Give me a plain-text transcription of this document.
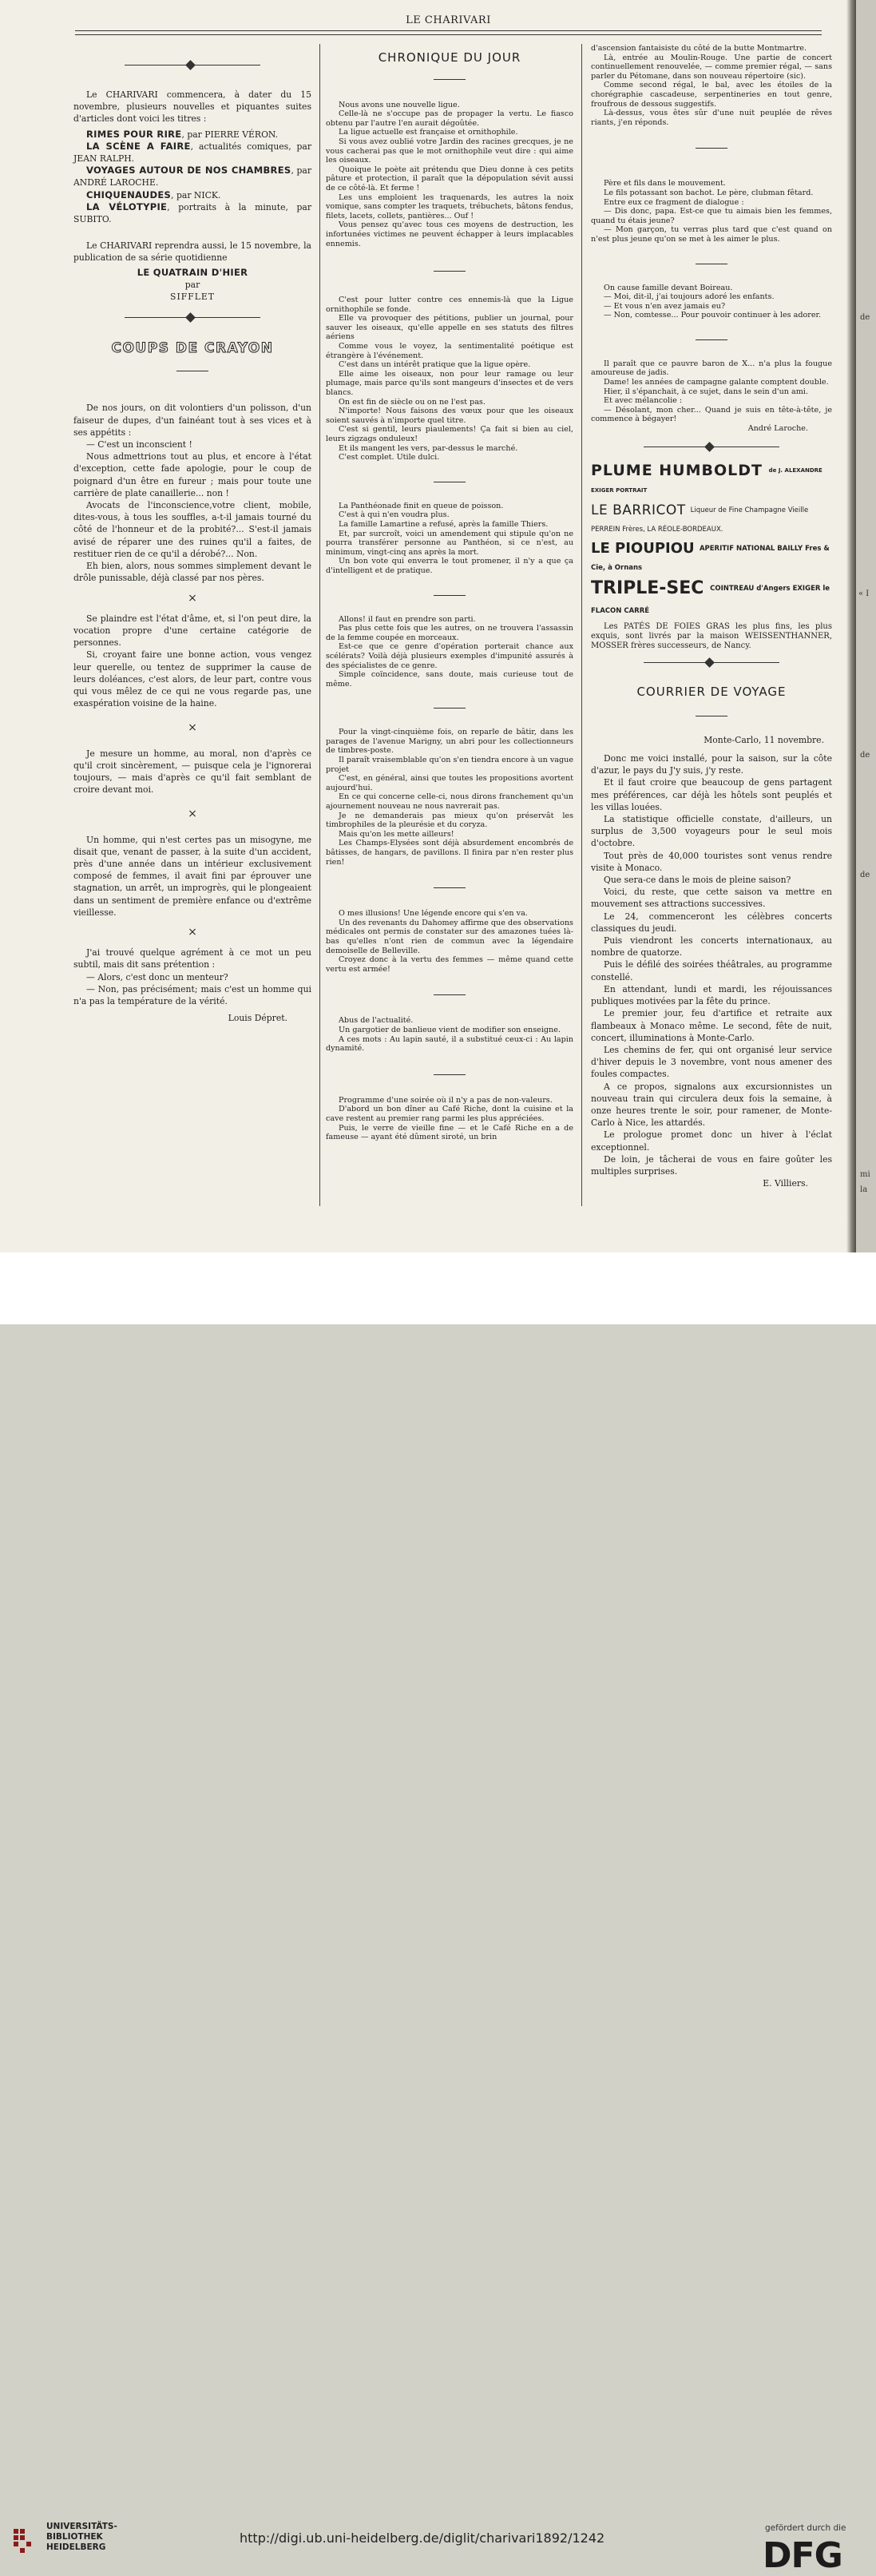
LE CHARIVARI

Le CHARIVARI commencera, à dater du 15 novembre, plusieurs nouvelles et piquantes suites d'articles dont voici les titres :

RIMES POUR RIRE, par PIERRE VÉRON.

LA SCÈNE A FAIRE, actualités comiques, par JEAN RALPH.

VOYAGES AUTOUR DE NOS CHAMBRES, par ANDRÉ LAROCHE.

CHIQUENAUDES, par NICK.

LA VÉLOTYPIE, portraits à la minute, par SUBITO.

Le CHARIVARI reprendra aussi, le 15 novembre, la publication de sa série quotidienne

LE QUATRAIN D'HIER

par

SIFFLET

COUPS DE CRAYON

De nos jours, on dit volontiers d'un polisson, d'un faiseur de dupes, d'un fainéant tout à ses vices et à ses appétits :

— C'est un inconscient !

Nous admettrions tout au plus, et encore à l'état d'exception, cette fade apologie, pour le coup de poignard d'un être en fureur ; mais pour toute une carrière de plate canaillerie... non !

Avocats de l'inconscience,votre client, mobile, dites-vous, à tous les souffles, a-t-il jamais tourné du côté de l'honneur et de la probité?... S'est-il jamais avisé de réparer une des ruines qu'il a faites, de restituer rien de ce qu'il a dérobé?... Non.

Eh bien, alors, nous sommes simplement devant le drôle punissable, déjà classé par nos pères.

×

Se plaindre est l'état d'âme, et, si l'on peut dire, la vocation propre d'une certaine catégorie de personnes.

Si, croyant faire une bonne action, vous vengez leur querelle, ou tentez de supprimer la cause de leurs doléances, c'est alors, de leur part, contre vous qui vous mêlez de ce qui ne vous regarde pas, une exaspération voisine de la haine.

×

Je mesure un homme, au moral, non d'après ce qu'il croit sincèrement, — puisque cela je l'ignorerai toujours, — mais d'après ce qu'il fait semblant de croire devant moi.

×

Un homme, qui n'est certes pas un misogyne, me disait que, venant de passer, à la suite d'un accident, près d'une année dans un intérieur exclusivement composé de femmes, il avait fini par éprouver une stagnation, un arrêt, un improgrès, qui le plongeaient dans un sentiment de première enfance ou d'extrême vieillesse.

×

J'ai trouvé quelque agrément à ce mot un peu subtil, mais dit sans prétention :

— Alors, c'est donc un menteur?

— Non, pas précisément; mais c'est un homme qui n'a pas la température de la vérité.

Louis Dépret.

CHRONIQUE DU JOUR

Nous avons une nouvelle ligue.

Celle-là ne s'occupe pas de propager la vertu. Le fiasco obtenu par l'autre l'en aurait dégoûtée.

La ligue actuelle est française et ornithophile.

Si vous avez oublié votre Jardin des racines grecques, je ne vous cacherai pas que le mot ornithophile veut dire : qui aime les oiseaux.

Quoique le poète ait prétendu que Dieu donne à ces petits pâture et protection, il paraît que la dépopulation sévit aussi de ce côté-là. Et ferme !

Les uns emploient les traquenards, les autres la noix vomique, sans compter les traquets, trébuchets, bâtons fendus, filets, lacets, collets, pantières... Ouf !

Vous pensez qu'avec tous ces moyens de destruction, les infortunées victimes ne peuvent échapper à leurs implacables ennemis.

C'est pour lutter contre ces ennemis-là que la Ligue ornithophile se fonde.

Elle va provoquer des pétitions, publier un journal, pour sauver les oiseaux, qu'elle appelle en ses statuts des filtres aériens

Comme vous le voyez, la sentimentalité poétique est étrangère à l'événement.

C'est dans un intérêt pratique que la ligue opère.

Elle aime les oiseaux, non pour leur ramage ou leur plumage, mais parce qu'ils sont mangeurs d'insectes et de vers blancs.

On est fin de siècle ou on ne l'est pas.

N'importe! Nous faisons des vœux pour que les oiseaux soient sauvés à n'importe quel titre.

C'est si gentil, leurs piaulements! Ça fait si bien au ciel, leurs zigzags onduleux!

Et ils mangent les vers, par-dessus le marché.

C'est complet. Utile dulci.

La Panthéonade finit en queue de poisson.

C'est à qui n'en voudra plus.

La famille Lamartine a refusé, après la famille Thiers.

Et, par surcroît, voici un amendement qui stipule qu'on ne pourra transférer personne au Panthéon, si ce n'est, au minimum, vingt-cinq ans après la mort.

Un bon vote qui enverra le tout promener, il n'y a que ça d'intelligent et de pratique.

Allons! il faut en prendre son parti.

Pas plus cette fois que les autres, on ne trouvera l'assassin de la femme coupée en morceaux.

Est-ce que ce genre d'opération porterait chance aux scélérats? Voilà déjà plusieurs exemples d'impunité assurés à des spécialistes de ce genre.

Simple coïncidence, sans doute, mais curieuse tout de même.

Pour la vingt-cinquième fois, on reparle de bâtir, dans les parages de l'avenue Marigny, un abri pour les collectionneurs de timbres-poste.

Il paraît vraisemblable qu'on s'en tiendra encore à un vague projet

C'est, en général, ainsi que toutes les propositions avortent aujourd'hui.

En ce qui concerne celle-ci, nous dirons franchement qu'un ajournement nouveau ne nous navrerait pas.

Je ne demanderais pas mieux qu'on préservât les timbrophiles de la pleurésie et du coryza.

Mais qu'on les mette ailleurs!

Les Champs-Elysées sont déjà absurdement encombrés de bâtisses, de hangars, de pavillons. Il finira par n'en rester plus rien!

O mes illusions! Une légende encore qui s'en va.

Un des revenants du Dahomey affirme que des observations médicales ont permis de constater sur des amazones tuées là-bas qu'elles n'ont rien de commun avec la légendaire demoiselle de Belleville.

Croyez donc à la vertu des femmes — même quand cette vertu est armée!

Abus de l'actualité.

Un gargotier de banlieue vient de modifier son enseigne.

A ces mots : Au lapin sauté, il a substitué ceux-ci : Au lapin dynamité.

Programme d'une soirée où il n'y a pas de non-valeurs.

D'abord un bon dîner au Café Riche, dont la cuisine et la cave restent au premier rang parmi les plus appréciées.

Puis, le verre de vieille fine — et le Café Riche en a de fameuse — ayant été dûment siroté, un brin

d'ascension fantaisiste du côté de la butte Montmartre.

Là, entrée au Moulin-Rouge. Une partie de concert continuellement renouvelée, — comme premier régal, — sans parler du Pétomane, dans son nouveau répertoire (sic).

Comme second régal, le bal, avec les étoiles de la chorégraphie cascadeuse, serpentineries en tout genre, froufrous de dessous suggestifs.

Là-dessus, vous êtes sûr d'une nuit peuplée de rêves riants, j'en réponds.

Père et fils dans le mouvement.

Le fils potassant son bachot. Le père, clubman fêtard.

Entre eux ce fragment de dialogue :

— Dis donc, papa. Est-ce que tu aimais bien les femmes, quand tu étais jeune?

— Mon garçon, tu verras plus tard que c'est quand on n'est plus jeune qu'on se met à les aimer le plus.

On cause famille devant Boireau.

— Moi, dit-il, j'ai toujours adoré les enfants.

— Et vous n'en avez jamais eu?

— Non, comtesse... Pour pouvoir continuer à les adorer.

Il paraît que ce pauvre baron de X... n'a plus la fougue amoureuse de jadis.

Dame! les années de campagne galante comptent double.

Hier, il s'épanchait, à ce sujet, dans le sein d'un ami.

Et avec mélancolie :

— Désolant, mon cher... Quand je suis en tête-à-tête, je commence à bégayer!

André Laroche.

PLUME HUMBOLDT $^{de J. ALEXANDRE EXIGER PORTRAIT}$
LE BARRICOT Liqueur de Fine Champagne Vieille PERREIN Frères, LA RÉOLE-BORDEAUX.
LE PIOUPIOU APERITIF NATIONAL BAILLY Fres & Cie, à Ornans
TRIPLE-SEC COINTREAU d'Angers EXIGER le FLACON CARRÉ

Les PATÉS DE FOIES GRAS les plus fins, les plus exquis, sont livrés par la maison WEISSENTHANNER, MOSSER frères successeurs, de Nancy.

COURRIER DE VOYAGE

Monte-Carlo, 11 novembre.

Donc me voici installé, pour la saison, sur la côte d'azur, le pays du J'y suis, j'y reste.

Et il faut croire que beaucoup de gens partagent mes préférences, car déjà les hôtels sont peuplés et les villas louées.

La statistique officielle constate, d'ailleurs, un surplus de 3,500 voyageurs pour le seul mois d'octobre.

Tout près de 40,000 touristes sont venus rendre visite à Monaco.

Que sera-ce dans le mois de pleine saison?

Voici, du reste, que cette saison va mettre en mouvement ses attractions successives.

Le 24, commenceront les célèbres concerts classiques du jeudi.

Puis viendront les concerts internationaux, au nombre de quatorze.

Puis le défilé des soirées théâtrales, au programme constellé.

En attendant, lundi et mardi, les réjouissances publiques motivées par la fête du prince.

Le premier jour, feu d'artifice et retraite aux flambeaux à Monaco même. Le second, fête de nuit, concert, illuminations à Monte-Carlo.

Les chemins de fer, qui ont organisé leur service d'hiver depuis le 3 novembre, vont nous amener des foules compactes.

A ce propos, signalons aux excursionnistes un nouveau train qui circulera deux fois la semaine, à onze heures trente le soir, pour ramener, de Monte-Carlo à Nice, les attardés.

Le prologue promet donc un hiver à l'éclat exceptionnel.

De loin, je tâcherai de vous en faire goûter les multiples surprises.

E. Villiers.

de
« I
de
de
mi
la
UNIVERSITÄTS-
BIBLIOTHEK
HEIDELBERG
http://digi.ub.uni-heidelberg.de/diglit/charivari1892/1242
gefördert durch die
DFG
